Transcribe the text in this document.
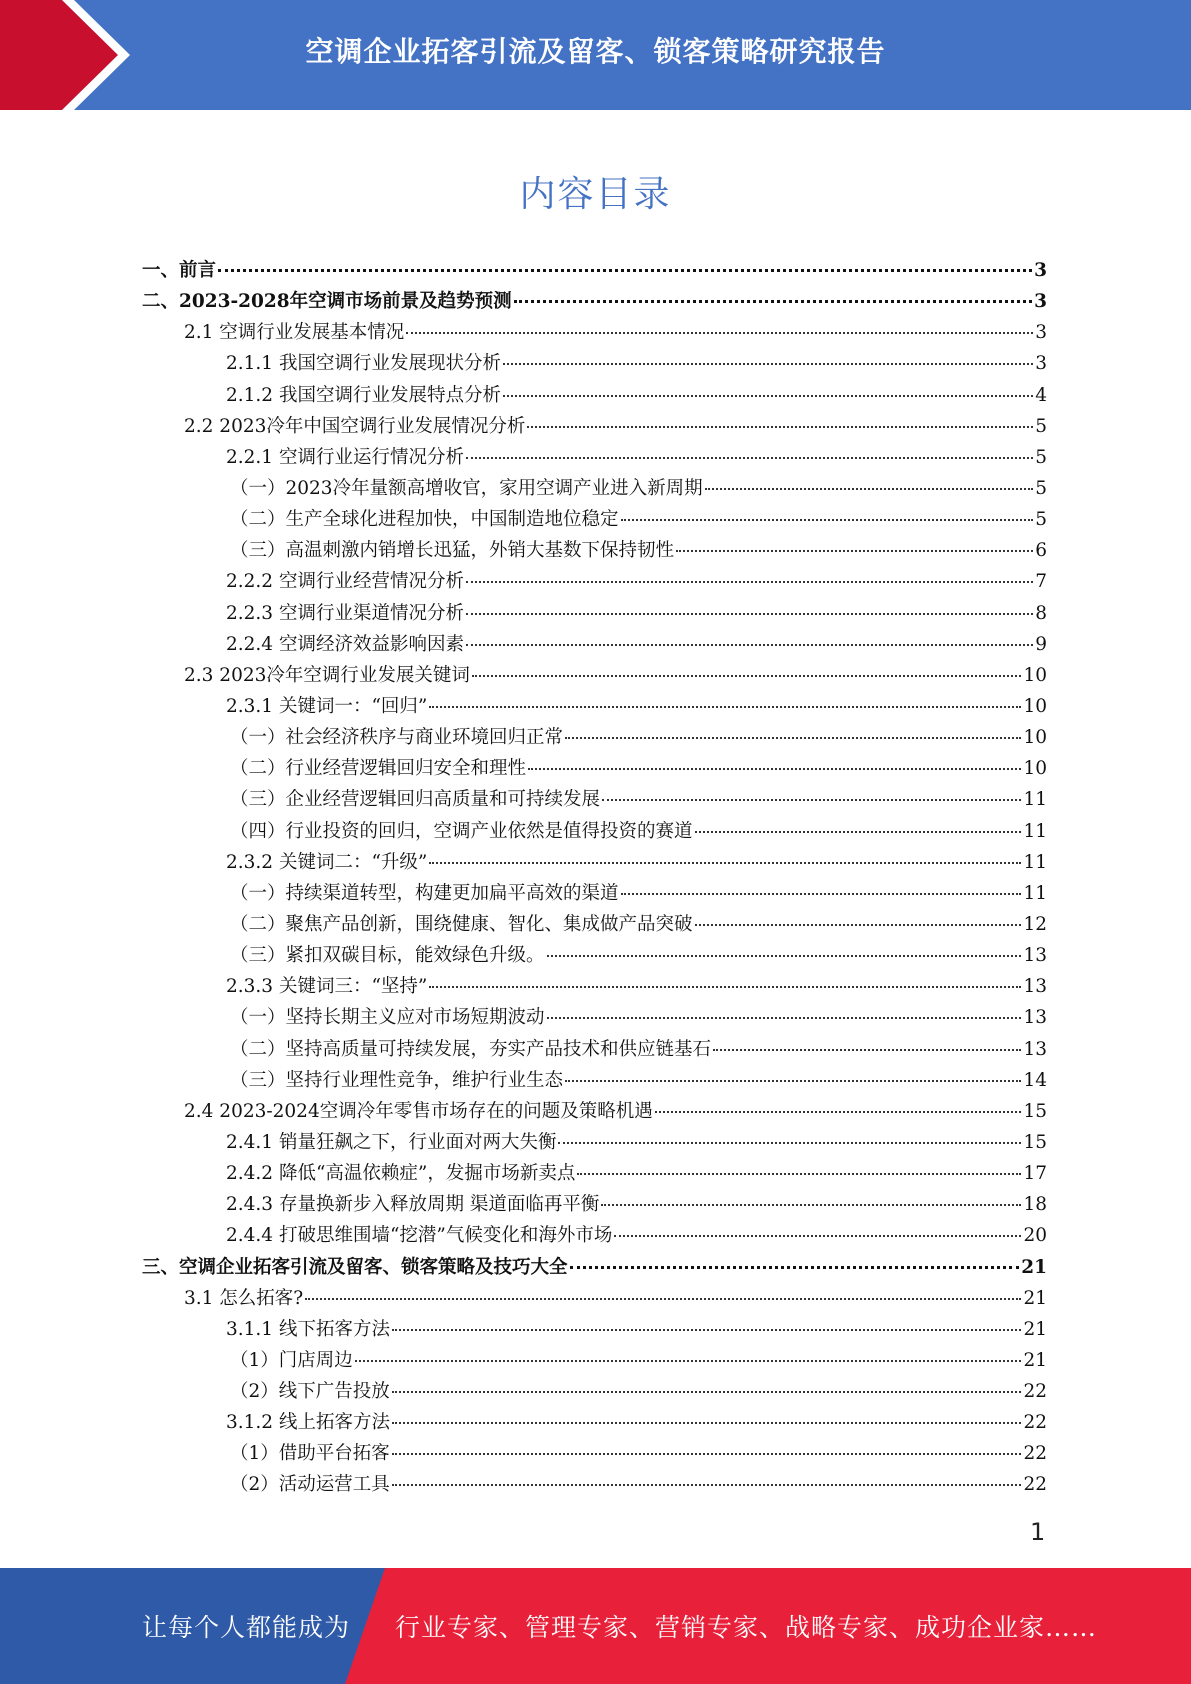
空调企业拓客引流及留客、锁客策略研究报告
内容目录
一、前言	3
二、2023-2028年空调市场前景及趋势预测	3
2.1 空调行业发展基本情况	3
2.1.1 我国空调行业发展现状分析	3
2.1.2 我国空调行业发展特点分析	4
2.2 2023冷年中国空调行业发展情况分析	5
2.2.1 空调行业运行情况分析	5
（一）2023冷年量额高增收官，家用空调产业进入新周期	5
（二）生产全球化进程加快，中国制造地位稳定	5
（三）高温刺激内销增长迅猛，外销大基数下保持韧性	6
2.2.2 空调行业经营情况分析	7
2.2.3 空调行业渠道情况分析	8
2.2.4 空调经济效益影响因素	9
2.3 2023冷年空调行业发展关键词	10
2.3.1 关键词一：“回归”	10
（一）社会经济秩序与商业环境回归正常	10
（二）行业经营逻辑回归安全和理性	10
（三）企业经营逻辑回归高质量和可持续发展	11
（四）行业投资的回归，空调产业依然是值得投资的赛道	11
2.3.2 关键词二：“升级”	11
（一）持续渠道转型，构建更加扁平高效的渠道	11
（二）聚焦产品创新，围绕健康、智化、集成做产品突破	12
（三）紧扣双碳目标，能效绿色升级。	13
2.3.3 关键词三：“坚持”	13
（一）坚持长期主义应对市场短期波动	13
（二）坚持高质量可持续发展，夯实产品技术和供应链基石	13
（三）坚持行业理性竞争，维护行业生态	14
2.4 2023-2024空调冷年零售市场存在的问题及策略机遇	15
2.4.1 销量狂飙之下，行业面对两大失衡	15
2.4.2 降低“高温依赖症”，发掘市场新卖点	17
2.4.3 存量换新步入释放周期 渠道面临再平衡	18
2.4.4 打破思维围墙“挖潜”气候变化和海外市场	20
三、空调企业拓客引流及留客、锁客策略及技巧大全	21
3.1 怎么拓客?	21
3.1.1 线下拓客方法	21
（1）门店周边	21
（2）线下广告投放	22
3.1.2 线上拓客方法	22
（1）借助平台拓客	22
（2）活动运营工具	22
1
让每个人都能成为 行业专家、管理专家、营销专家、战略专家、成功企业家……
